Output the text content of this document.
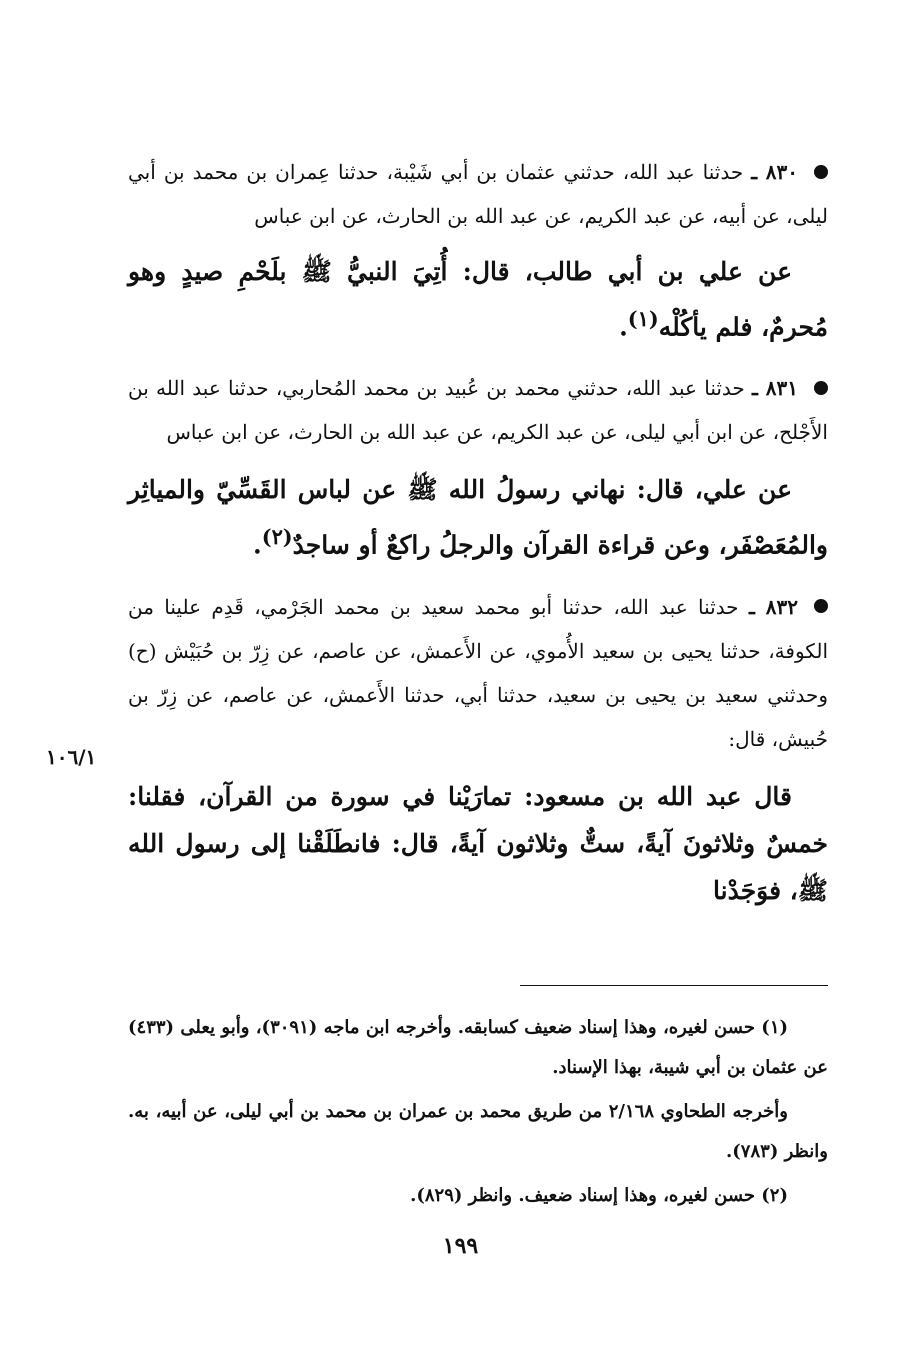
٨٣٠ ـ حدثنا عبد الله، حدثني عثمان بن أبي شَيْبة، حدثنا عِمران بن محمد بن أبي ليلى، عن أبيه، عن عبد الكريم، عن عبد الله بن الحارث، عن ابن عباس

عن علي بن أبي طالب، قال: أُتِيَ النبيُّ ﷺ بلَحْمِ صيدٍ وهو مُحرمٌ، فلم يأكُلْه$^{(١)}$.

٨٣١ ـ حدثنا عبد الله، حدثني محمد بن عُبيد بن محمد المُحاربي، حدثنا عبد الله بن الأَجْلح، عن ابن أبي ليلى، عن عبد الكريم، عن عبد الله بن الحارث، عن ابن عباس

عن علي، قال: نهاني رسولُ الله ﷺ عن لباس القَسِّيّ والمياثِر والمُعَصْفَر، وعن قراءة القرآن والرجلُ راكعٌ أو ساجدٌ$^{(٢)}$.

٨٣٢ ـ حدثنا عبد الله، حدثنا أبو محمد سعيد بن محمد الجَرْمي، قَدِم علينا من الكوفة، حدثنا يحيى بن سعيد الأُموي، عن الأَعمش، عن عاصم، عن زِرّ بن حُبَيْش (ح) وحدثني سعيد بن يحيى بن سعيد، حدثنا أبي، حدثنا الأَعمش، عن عاصم، عن زِرّ بن حُبيش، قال:

قال عبد الله بن مسعود: تمارَيْنا في سورة من القرآن، فقلنا: خمسٌ وثلاثونَ آيةً، ستٌّ وثلاثون آيةً، قال: فانطَلَقْنا إلى رسول الله ﷺ، فوَجَدْنا

١٠٦/١

(١) حسن لغيره، وهذا إسناد ضعيف كسابقه. وأخرجه ابن ماجه (٣٠٩١)، وأبو يعلى (٤٣٣) عن عثمان بن أبي شيبة، بهذا الإسناد.

وأخرجه الطحاوي ٢/١٦٨ من طريق محمد بن عمران بن محمد بن أبي ليلى، عن أبيه، به. وانظر (٧٨٣).

(٢) حسن لغيره، وهذا إسناد ضعيف. وانظر (٨٢٩).

١٩٩
